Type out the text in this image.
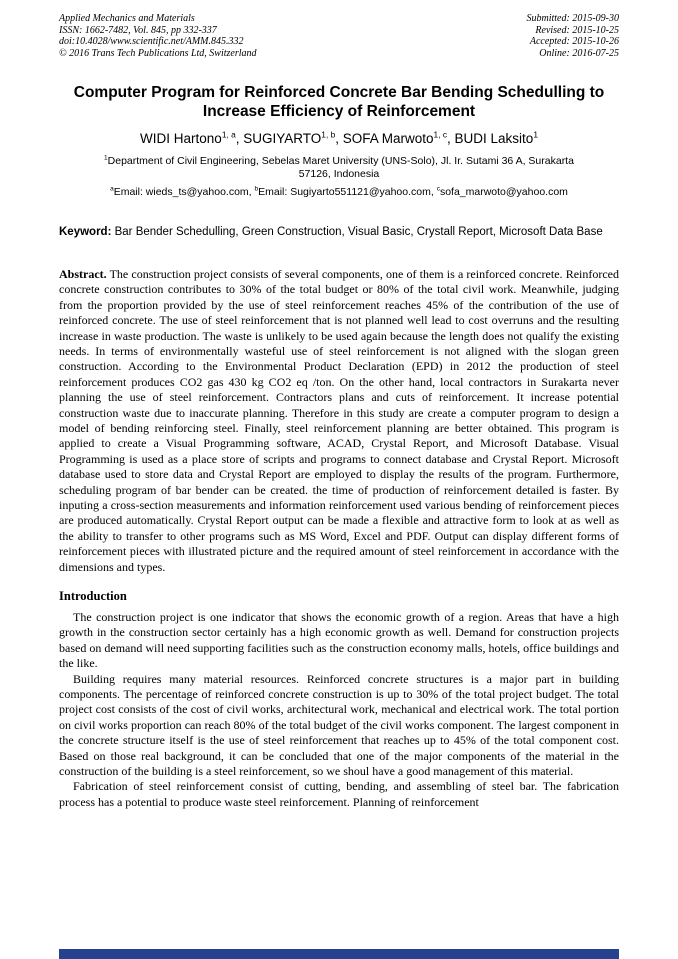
Applied Mechanics and Materials
ISSN: 1662-7482, Vol. 845, pp 332-337
doi:10.4028/www.scientific.net/AMM.845.332
© 2016 Trans Tech Publications Ltd, Switzerland
Submitted: 2015-09-30
Revised: 2015-10-25
Accepted: 2015-10-26
Online: 2016-07-25
Computer Program for Reinforced Concrete Bar Bending Schedulling to Increase Efficiency of Reinforcement
WIDI Hartono$^{1, a}$, SUGIYARTO$^{1, b}$, SOFA Marwoto$^{1, c}$, BUDI Laksito$^1$
$^1$Department of Civil Engineering, Sebelas Maret University (UNS-Solo), Jl. Ir. Sutami 36 A, Surakarta 57126, Indonesia
$^a$Email: wieds_ts@yahoo.com, $^b$Email: Sugiyarto551121@yahoo.com, $^c$sofa_marwoto@yahoo.com

Keyword: Bar Bender Schedulling, Green Construction, Visual Basic, Crystall Report, Microsoft Data Base

Abstract. The construction project consists of several components, one of them is a reinforced concrete. Reinforced concrete construction contributes to 30% of the total budget or 80% of the total civil work. Meanwhile, judging from the proportion provided by the use of steel reinforcement reaches 45% of the contribution of the use of reinforced concrete. The use of steel reinforcement that is not planned well lead to cost overruns and the resulting increase in waste production. The waste is unlikely to be used again because the length does not qualify the existing needs. In terms of environmentally wasteful use of steel reinforcement is not aligned with the slogan green construction. According to the Environmental Product Declaration (EPD) in 2012 the production of steel reinforcement produces CO2 gas 430 kg CO2 eq /ton. On the other hand, local contractors in Surakarta never planning the use of steel reinforcement. Contractors plans and cuts of reinforcement. It increase potential construction waste due to inaccurate planning. Therefore in this study are create a computer program to design a model of bending reinforcing steel. Finally, steel reinforcement planning are better obtained. This program is applied to create a Visual Programming software, ACAD, Crystal Report, and Microsoft Database. Visual Programming is used as a place store of scripts and programs to connect database and Crystal Report. Microsoft database used to store data and Crystal Report are employed to display the results of the program. Furthermore, scheduling program of bar bender can be created. the time of production of reinforcement detailed is faster. By inputing a cross-section measurements and information reinforcement used various bending of reinforcement pieces are produced automatically. Crystal Report output can be made a flexible and attractive form to look at as well as the ability to transfer to other programs such as MS Word, Excel and PDF. Output can display different forms of reinforcement pieces with illustrated picture and the required amount of steel reinforcement in accordance with the dimensions and types.

Introduction

The construction project is one indicator that shows the economic growth of a region. Areas that have a high growth in the construction sector certainly has a high economic growth as well. Demand for construction projects based on demand will need supporting facilities such as the construction economy malls, hotels, office buildings and the like.

Building requires many material resources. Reinforced concrete structures is a major part in building components. The percentage of reinforced concrete construction is up to 30% of the total project budget. The total project cost consists of the cost of civil works, architectural work, mechanical and electrical work. The total portion on civil works proportion can reach 80% of the total budget of the civil works component. The largest component in the concrete structure itself is the use of steel reinforcement that reaches up to 45% of the total component cost. Based on those real background, it can be concluded that one of the major components of the material in the construction of the building is a steel reinforcement, so we shoul have a good management of this material.

Fabrication of steel reinforcement consist of cutting, bending, and assembling of steel bar. The fabrication process has a potential to produce waste steel reinforcement. Planning of reinforcement
